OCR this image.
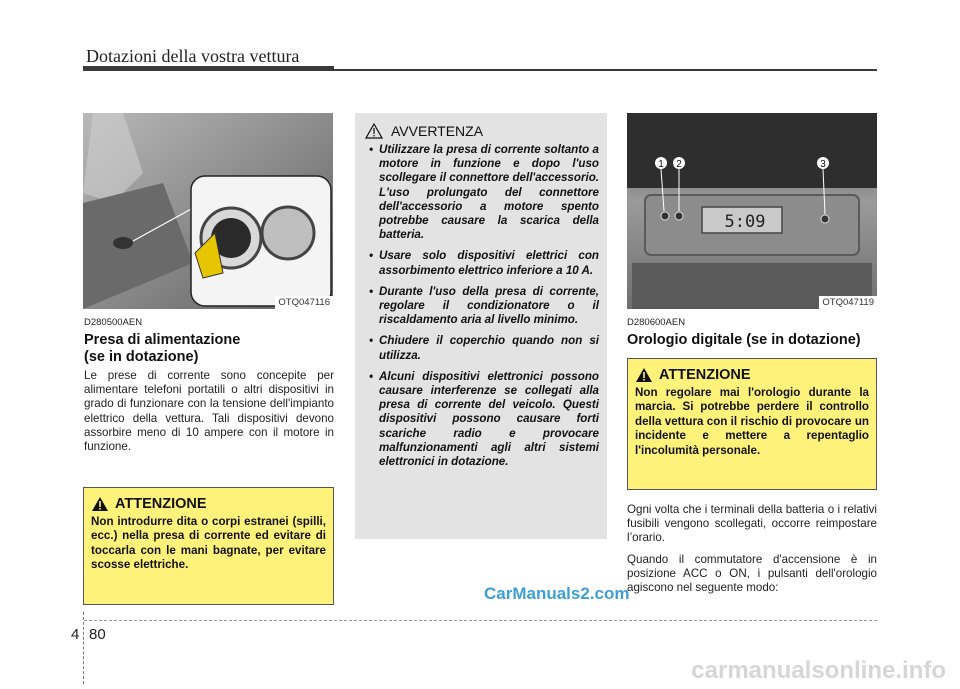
Dotazioni della vostra vettura
OTQ047116
D280500AEN
Presa di alimentazione
(se in dotazione)
Le prese di corrente sono concepite per alimentare telefoni portatili o altri dispositivi in grado di funzionare con la tensione dell'impianto elettrico della vettura. Tali dispositivi devono assorbire meno di 10 ampere con il motore in funzione.
ATTENZIONE
Non introdurre dita o corpi estranei (spilli, ecc.) nella presa di corrente ed evitare di toccarla con le mani bagnate, per evitare scosse elettriche.
AVVERTENZA
• Utilizzare la presa di corrente soltanto a motore in funzione e dopo l'uso scollegare il connettore dell'accessorio. L'uso prolungato del connettore dell'accessorio a motore spento potrebbe causare la scarica della batteria.
• Usare solo dispositivi elettrici con assorbimento elettrico inferiore a 10 A.
• Durante l'uso della presa di corrente, regolare il condizionatore o il riscaldamento aria al livello minimo.
• Chiudere il coperchio quando non si utilizza.
• Alcuni dispositivi elettronici possono causare interferenze se collegati alla presa di corrente del veicolo. Questi dispositivi possono causare forti scariche radio e provocare malfunzionamenti agli altri sistemi elettronici in dotazione.
1 2	3
5:09
OTQ047119
D280600AEN
Orologio digitale (se in dotazione)
ATTENZIONE
Non regolare mai l'orologio durante la marcia. Si potrebbe perdere il controllo della vettura con il rischio di provocare un incidente e mettere a repentaglio l'incolumità personale.

Ogni volta che i terminali della batteria o i relativi fusibili vengono scollegati, occorre reimpostare l’orario.

Quando il commutatore d'accensione è in posizione ACC o ON, i pulsanti dell'orologio agiscono nel seguente modo:

CarManuals2.com
4 80
carmanualsonline.info
